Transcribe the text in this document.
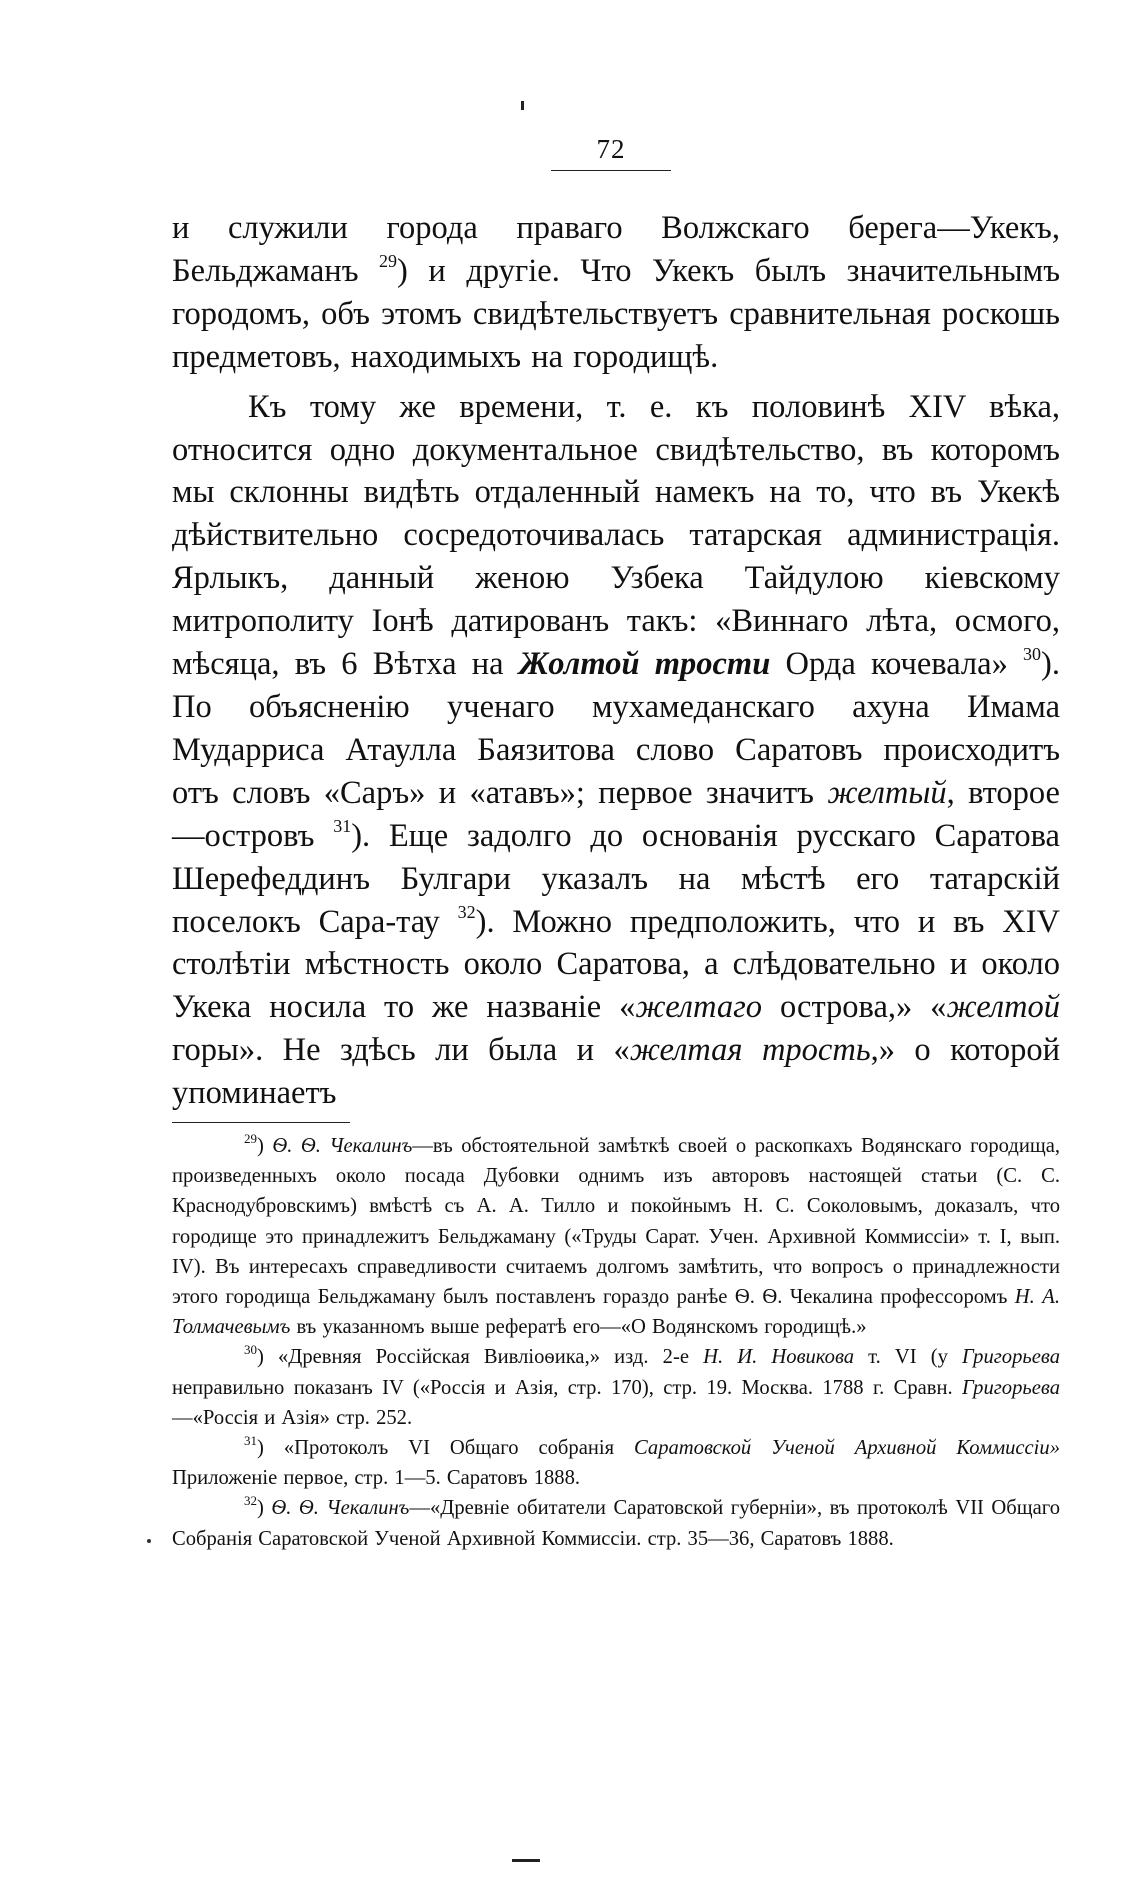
72

и служили города праваго Волжскаго берега—Укекъ, Бельджаманъ $^{29}$) и другіе. Что Укекъ былъ значительнымъ городомъ, объ этомъ свидѣтельствуетъ сравнительная роскошь предметовъ, находимыхъ на городищѣ.

Къ тому же времени, т. е. къ половинѣ XIV вѣка, относится одно документальное свидѣтельство, въ которомъ мы склонны видѣть отдаленный намекъ на то, что въ Укекѣ дѣйствительно сосредоточивалась татарская администрація. Ярлыкъ, данный женою Узбека Тайдулою кіевскому митрополиту Іонѣ датированъ такъ: «Виннаго лѣта, осмого, мѣсяца, въ 6 Вѣтха на Жолтой трости Орда кочевала» $^{30}$). По объясненію ученаго мухамеданскаго ахуна Имама Мударриса Атаулла Баязитова слово Саратовъ происходитъ отъ словъ «Саръ» и «атавъ»; первое значитъ желтый, второе—островъ $^{31}$). Еще задолго до основанія русскаго Саратова Шерефеддинъ Булгари указалъ на мѣстѣ его татарскій поселокъ Сара-тау $^{32}$). Можно предположить, что и въ XIV столѣтіи мѣстность около Саратова, а слѣдовательно и около Укека носила то же названіе «желтаго острова,» «желтой горы». Не здѣсь ли была и «желтая трость,» о которой упоминаетъ

$^{29}$) Ѳ. Ѳ. Чекалинъ—въ обстоятельной замѣткѣ своей о раскопкахъ Водянскаго городища, произведенныхъ около посада Дубовки однимъ изъ авторовъ настоящей статьи (С. С. Краснодубровскимъ) вмѣстѣ съ А. А. Тилло и покойнымъ Н. С. Соколовымъ, доказалъ, что городище это принадлежитъ Бельджаману («Труды Сарат. Учен. Архивной Коммиссіи» т. I, вып. IV). Въ интересахъ справедливости считаемъ долгомъ замѣтить, что вопросъ о принадлежности этого городища Бельджаману былъ поставленъ гораздо ранѣе Ѳ. Ѳ. Чекалина профессоромъ Н. А. Толмачевымъ въ указанномъ выше рефератѣ его—«О Водянскомъ городищѣ.»

$^{30}$) «Древняя Россійская Вивліоѳика,» изд. 2-е Н. И. Новикова т. VI (у Григорьева неправильно показанъ IV («Россія и Азія, стр. 170), стр. 19. Москва. 1788 г. Сравн. Григорьева—«Россія и Азія» стр. 252.

$^{31}$) «Протоколъ VI Общаго собранія Саратовской Ученой Архивной Коммиссіи» Приложеніе первое, стр. 1—5. Саратовъ 1888.

$^{32}$) Ѳ. Ѳ. Чекалинъ—«Древніе обитатели Саратовской губерніи», въ протоколѣ VII Общаго Собранія Саратовской Ученой Архивной Коммиссіи. стр. 35—36, Саратовъ 1888.
